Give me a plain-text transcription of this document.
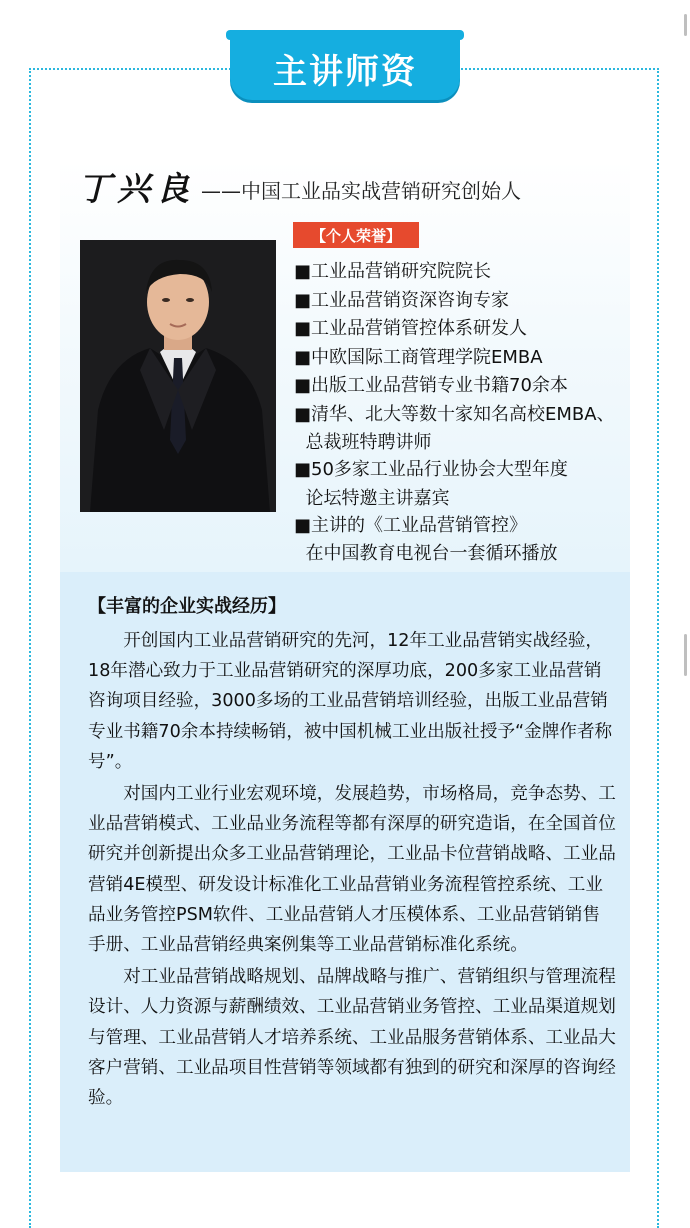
主讲师资
丁兴良 ——中国工业品实战营销研究创始人
【个人荣誉】
■工业品营销研究院院长
■工业品营销资深咨询专家
■工业品营销管控体系研发人
■中欧国际工商管理学院EMBA
■出版工业品营销专业书籍70余本
■清华、北大等数十家知名高校EMBA、
总裁班特聘讲师
■50多家工业品行业协会大型年度
论坛特邀主讲嘉宾
■主讲的《工业品营销管控》
在中国教育电视台一套循环播放
【丰富的企业实战经历】

开创国内工业品营销研究的先河，12年工业品营销实战经验，18年潜心致力于工业品营销研究的深厚功底，200多家工业品营销咨询项目经验，3000多场的工业品营销培训经验，出版工业品营销专业书籍70余本持续畅销，被中国机械工业出版社授予“金牌作者称号”。

对国内工业行业宏观环境，发展趋势，市场格局，竞争态势、工业品营销模式、工业品业务流程等都有深厚的研究造诣，在全国首位研究并创新提出众多工业品营销理论，工业品卡位营销战略、工业品营销4E模型、研发设计标准化工业品营销业务流程管控系统、工业品业务管控PSM软件、工业品营销人才压模体系、工业品营销销售手册、工业品营销经典案例集等工业品营销标准化系统。

对工业品营销战略规划、品牌战略与推广、营销组织与管理流程设计、人力资源与薪酬绩效、工业品营销业务管控、工业品渠道规划与管理、工业品营销人才培养系统、工业品服务营销体系、工业品大客户营销、工业品项目性营销等领域都有独到的研究和深厚的咨询经验。
